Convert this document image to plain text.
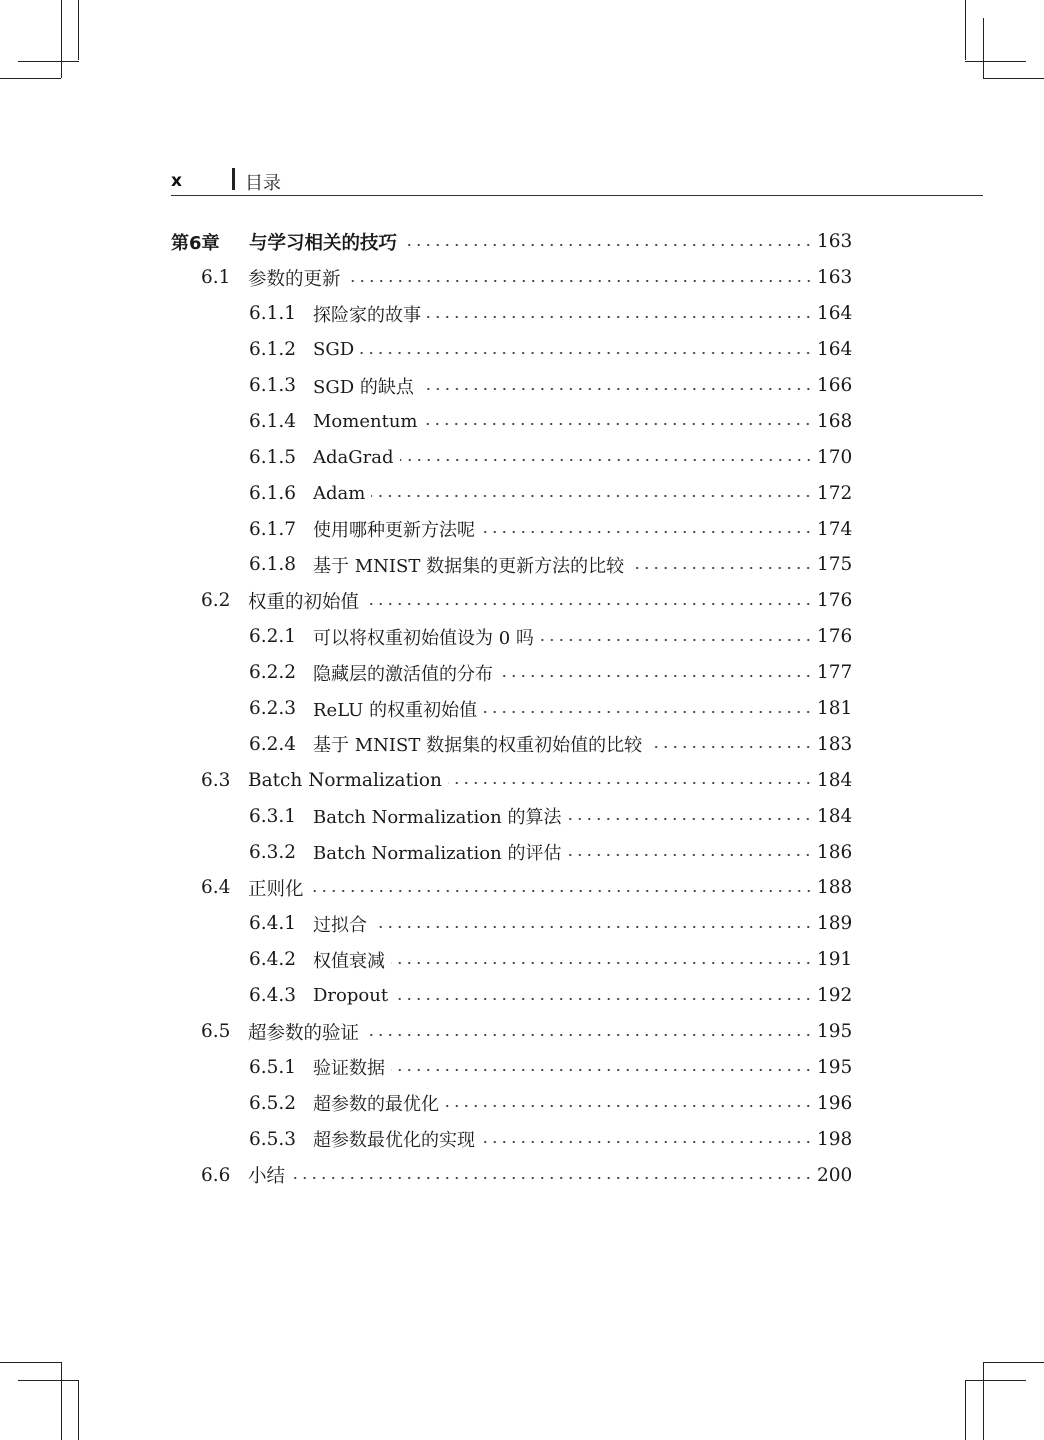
x	目录
第6章	与学习相关的技巧	163
6.1 参数的更新	163
6.1.1 探险家的故事	164
6.1.2 SGD	164
6.1.3 SGD 的缺点	166
6.1.4 Momentum	168
6.1.5 AdaGrad	170
6.1.6 Adam	172
6.1.7 使用哪种更新方法呢	174
6.1.8 基于 MNIST 数据集的更新方法的比较	175
6.2 权重的初始值	176
6.2.1 可以将权重初始值设为 0 吗	176
6.2.2 隐藏层的激活值的分布	177
6.2.3 ReLU 的权重初始值	181
6.2.4 基于 MNIST 数据集的权重初始值的比较	183
6.3 Batch Normalization	184
6.3.1 Batch Normalization 的算法	184
6.3.2 Batch Normalization 的评估	186
6.4 正则化	188
6.4.1 过拟合	189
6.4.2 权值衰减	191
6.4.3 Dropout	192
6.5 超参数的验证	195
6.5.1 验证数据	195
6.5.2 超参数的最优化	196
6.5.3 超参数最优化的实现	198
6.6 小结	200
